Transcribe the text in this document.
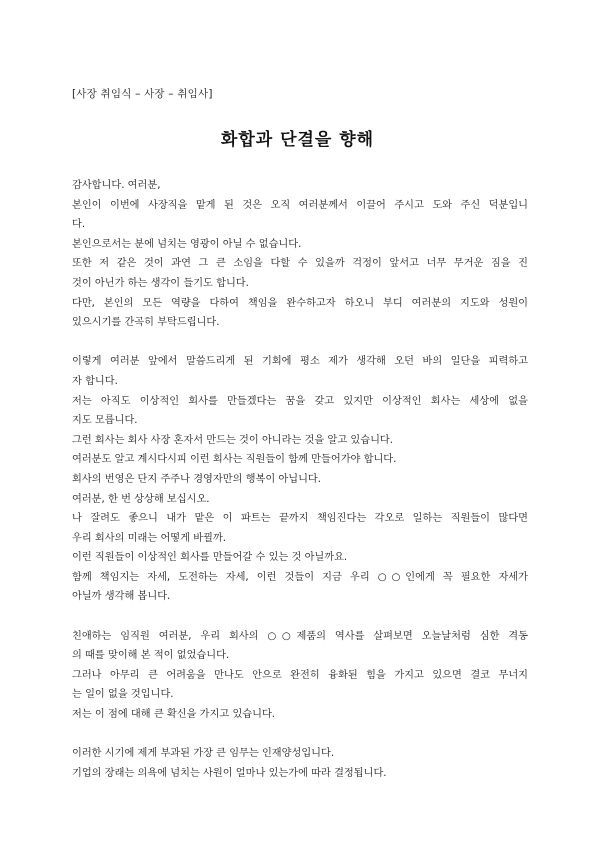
[사장 취임식 – 사장 – 취임사]
화합과 단결을 향해
감사합니다. 여러분,
본인이 이번에 사장직을 맡게 된 것은 오직 여러분께서 이끌어 주시고 도와 주신 덕분입니
다.
본인으로서는 분에 넘치는 영광이 아닐 수 없습니다.
또한 저 같은 것이 과연 그 큰 소임을 다할 수 있을까 걱정이 앞서고 너무 무거운 짐을 진
것이 아닌가 하는 생각이 들기도 합니다.
다만, 본인의 모든 역량을 다하여 책임을 완수하고자 하오니 부디 여러분의 지도와 성원이
있으시기를 간곡히 부탁드립니다.
이렇게 여러분 앞에서 말씀드리게 된 기회에 평소 제가 생각해 오던 바의 일단을 피력하고
자 합니다.
저는 아직도 이상적인 회사를 만들겠다는 꿈을 갖고 있지만 이상적인 회사는 세상에 없을
지도 모릅니다.
그런 회사는 회사 사장 혼자서 만드는 것이 아니라는 것을 알고 있습니다.
여러분도 알고 계시다시피 이런 회사는 직원들이 함께 만들어가야 합니다.
회사의 번영은 단지 주주나 경영자만의 행복이 아닙니다.
여러분, 한 번 상상해 보십시오.
나 잘려도 좋으니 내가 맡은 이 파트는 끝까지 책임진다는 각오로 일하는 직원들이 많다면
우리 회사의 미래는 어떻게 바뀔까.
이런 직원들이 이상적인 회사를 만들어갈 수 있는 것 아닐까요.
함께 책임지는 자세, 도전하는 자세, 이런 것들이 지금 우리 ○○인에게 꼭 필요한 자세가
아닐까 생각해 봅니다.
친애하는 임직원 여러분, 우리 회사의 ○○제품의 역사를 살펴보면 오늘날처럼 심한 격동
의 때를 맞이해 본 적이 없었습니다.
그러나 아무리 큰 어려움을 만나도 안으로 완전히 융화된 힘을 가지고 있으면 결코 무너지
는 일이 없을 것입니다.
저는 이 점에 대해 큰 확신을 가지고 있습니다.
이러한 시기에 제게 부과된 가장 큰 임무는 인재양성입니다.
기업의 장래는 의욕에 넘치는 사원이 얼마나 있는가에 따라 결정됩니다.
